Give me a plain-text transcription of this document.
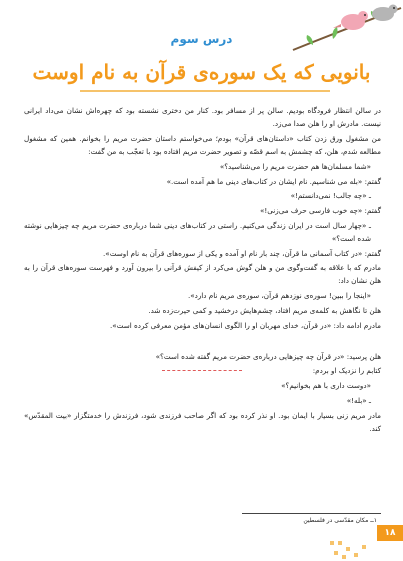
درس سوم
بانویی که یک سوره‌ی قرآن به نام اوست

در سالن انتظار فرودگاه بودیم. سالن پر از مسافر بود. کنار من دختری نشسته بود که چهره‌اش نشان می‌داد ایرانی نیست. مادرش او را هلن صدا می‌زد.

من مشغول ورق زدن کتاب «داستان‌های قرآن» بودم؛ می‌خواستم داستان حضرت مریم را بخوانم. همین که مشغول مطالعه شدم، هلن، که چشمش به اسم قصّه و تصویر حضرت مریم افتاده بود با تعجّب به من گفت:

«شما مسلمان‌ها هم حضرت مریم را می‌شناسید؟»

گفتم: «بله می شناسیم. نام ایشان در کتاب‌های دینی ما هم آمده است.»

ـ «چه جالب! نمی‌دانستم!»

گفتم: «چه خوب فارسی حرف می‌زنی!»

ـ «چهار سال است در ایران زندگی می‌کنیم. راستی در کتاب‌های دینی شما درباره‌ی حضرت مریم چه چیزهایی نوشته شده است؟»

گفتم: «در کتاب آسمانی ما قرآن، چند بار نام او آمده و یکی از سوره‌های قرآن به نام اوست».

مادرم که با علاقه به گفت‌وگوی من و هلن گوش می‌کرد از کیفش قرآنی را بیرون آورد و فهرست سوره‌های قرآن را به هلن نشان داد:

«اینجا را ببین! سوره‌ی نوزدهم قرآن، سوره‌ی مریم نام دارد».

هلن تا نگاهش به کلمه‌ی مریم افتاد، چشم‌هایش درخشید و کمی حیرت‌زده شد.

مادرم ادامه داد: «در قرآن، خدای مهربان او را الگوی انسان‌های مؤمن معرفی کرده است».

هلن پرسید: «در قرآن چه چیزهایی درباره‌ی حضرت مریم گفته شده است؟»

کتابم را نزدیک او بردم:

«دوست داری با هم بخوانیم؟»

ـ «بله!»

مادر مریم زنی بسیار با ایمان بود. او نذر کرده بود که اگر صاحب فرزندی شود، فرزندش را خدمتگزار «بیت المقدّس» کند.

۱ــ مکان مقدّسی در فلسطین
۱۸
